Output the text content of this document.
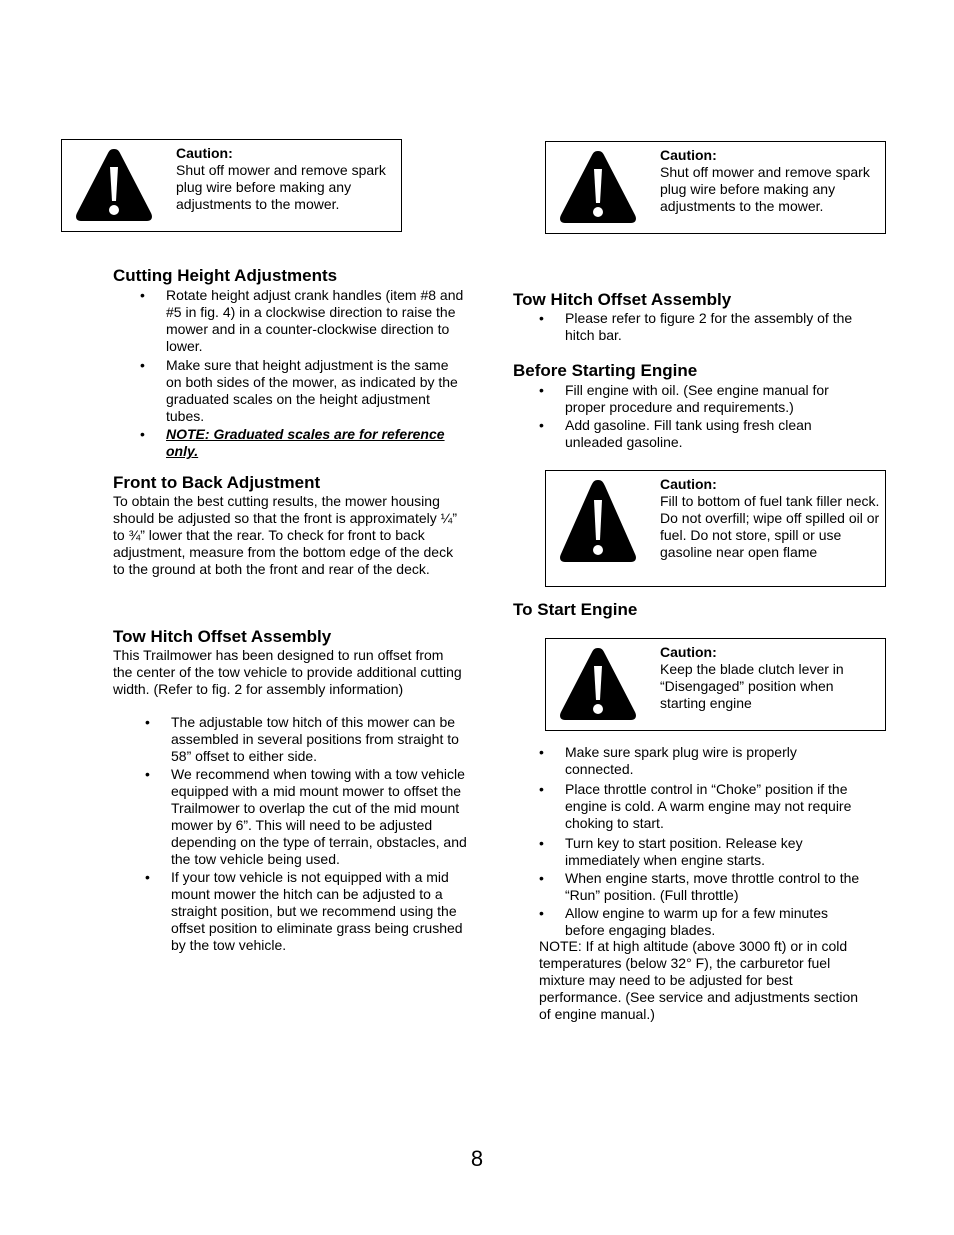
Caution:
Shut off mower and remove spark plug wire before making any adjustments to the mower.
Caution:
Shut off mower and remove spark plug wire before making any adjustments to the mower.
Cutting Height Adjustments
• Rotate height adjust crank handles (item #8 and #5 in fig. 4) in a clockwise direction to raise the mower and in a counter-clockwise direction to lower.
• Make sure that height adjustment is the same on both sides of the mower, as indicated by the graduated scales on the height adjustment tubes.
• NOTE: Graduated scales are for reference only.
Front to Back Adjustment

To obtain the best cutting results, the mower housing should be adjusted so that the front is approximately ¼” to ¾” lower that the rear. To check for front to back adjustment, measure from the bottom edge of the deck to the ground at both the front and rear of the deck.

Tow Hitch Offset Assembly

This Trailmower has been designed to run offset from the center of the tow vehicle to provide additional cutting width. (Refer to fig. 2 for assembly information)

• The adjustable tow hitch of this mower can be assembled in several positions from straight to 58” offset to either side.
• We recommend when towing with a tow vehicle equipped with a mid mount mower to offset the Trailmower to overlap the cut of the mid mount mower by 6”. This will need to be adjusted depending on the type of terrain, obstacles, and the tow vehicle being used.
• If your tow vehicle is not equipped with a mid mount mower the hitch can be adjusted to a straight position, but we recommend using the offset position to eliminate grass being crushed by the tow vehicle.
Tow Hitch Offset Assembly
• Please refer to figure 2 for the assembly of the hitch bar.
Before Starting Engine
• Fill engine with oil. (See engine manual for proper procedure and requirements.)
• Add gasoline. Fill tank using fresh clean unleaded gasoline.
Caution:
Fill to bottom of fuel tank filler neck. Do not overfill; wipe off spilled oil or fuel. Do not store, spill or use gasoline near open flame
To Start Engine
Caution:
Keep the blade clutch lever in “Disengaged” position when starting engine
• Make sure spark plug wire is properly connected.
• Place throttle control in “Choke” position if the engine is cold. A warm engine may not require choking to start.
• Turn key to start position. Release key immediately when engine starts.
• When engine starts, move throttle control to the “Run” position. (Full throttle)
• Allow engine to warm up for a few minutes before engaging blades.

NOTE: If at high altitude (above 3000 ft) or in cold temperatures (below 32° F), the carburetor fuel mixture may need to be adjusted for best performance. (See service and adjustments section of engine manual.)

8
